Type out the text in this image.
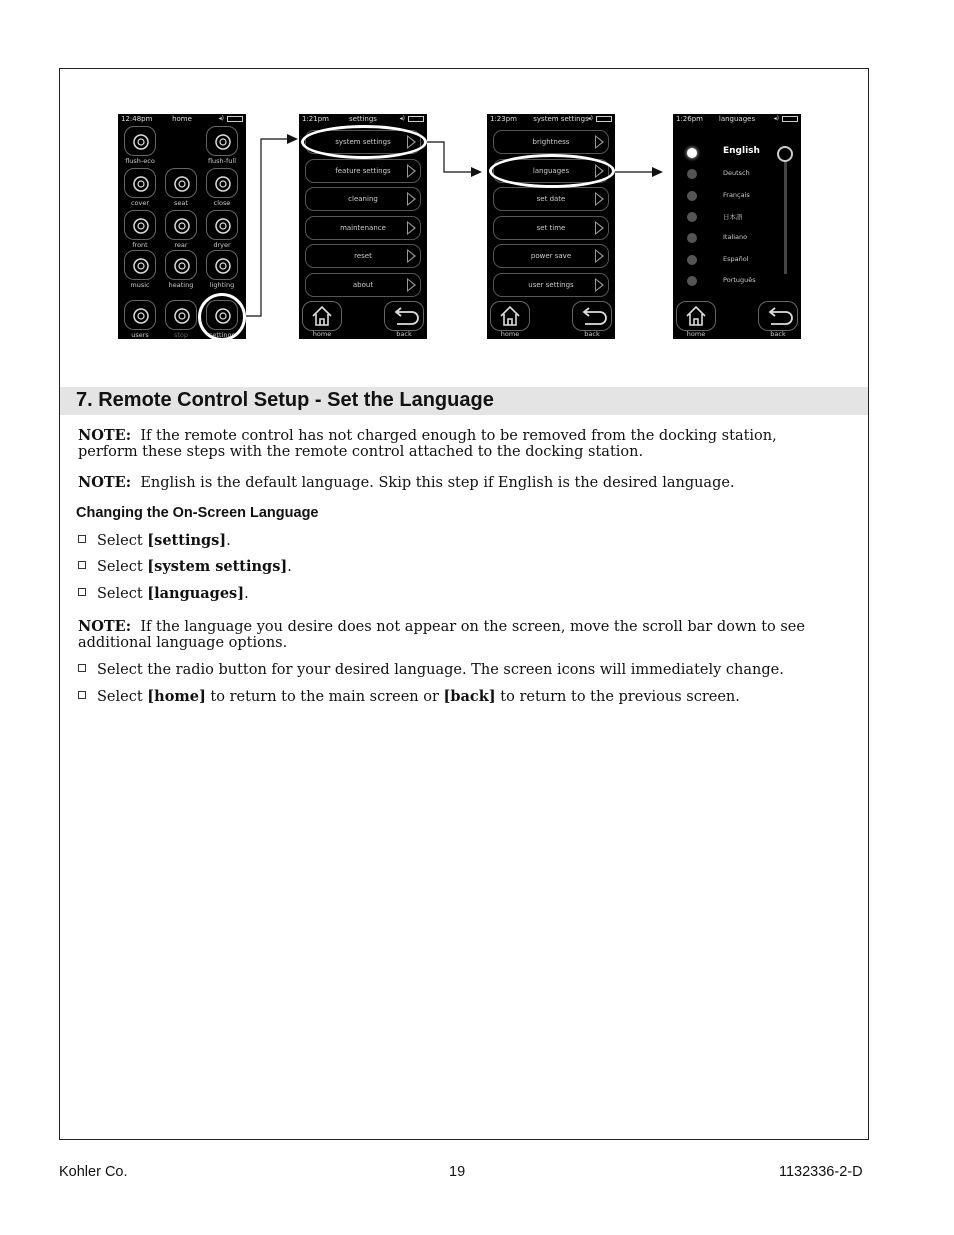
12:48pm	home	◂)
flush-eco	flush-full
cover	seat	close
front	rear	dryer
music	heating	lighting
users	stop	settings
1:21pm	settings	◂)
system settings
feature settings
cleaning
maintenance
reset
about
home	back
1:23pm	system settings
◂)
brightness
languages
set date
set time
power save
user settings
home	back
1:26pm	languages	◂)
English
Deutsch
Français
日本語
Italiano
Español
Português
home	back
7. Remote Control Setup - Set the Language
NOTE: If the remote control has not charged enough to be removed from the docking station, perform these steps with the remote control attached to the docking station.
NOTE: English is the default language. Skip this step if English is the desired language.
Changing the On-Screen Language
Select [settings].
Select [system settings].
Select [languages].
NOTE: If the language you desire does not appear on the screen, move the scroll bar down to see additional language options.
Select the radio button for your desired language. The screen icons will immediately change.
Select [home] to return to the main screen or [back] to return to the previous screen.
Kohler Co.	19	1132336-2-D
